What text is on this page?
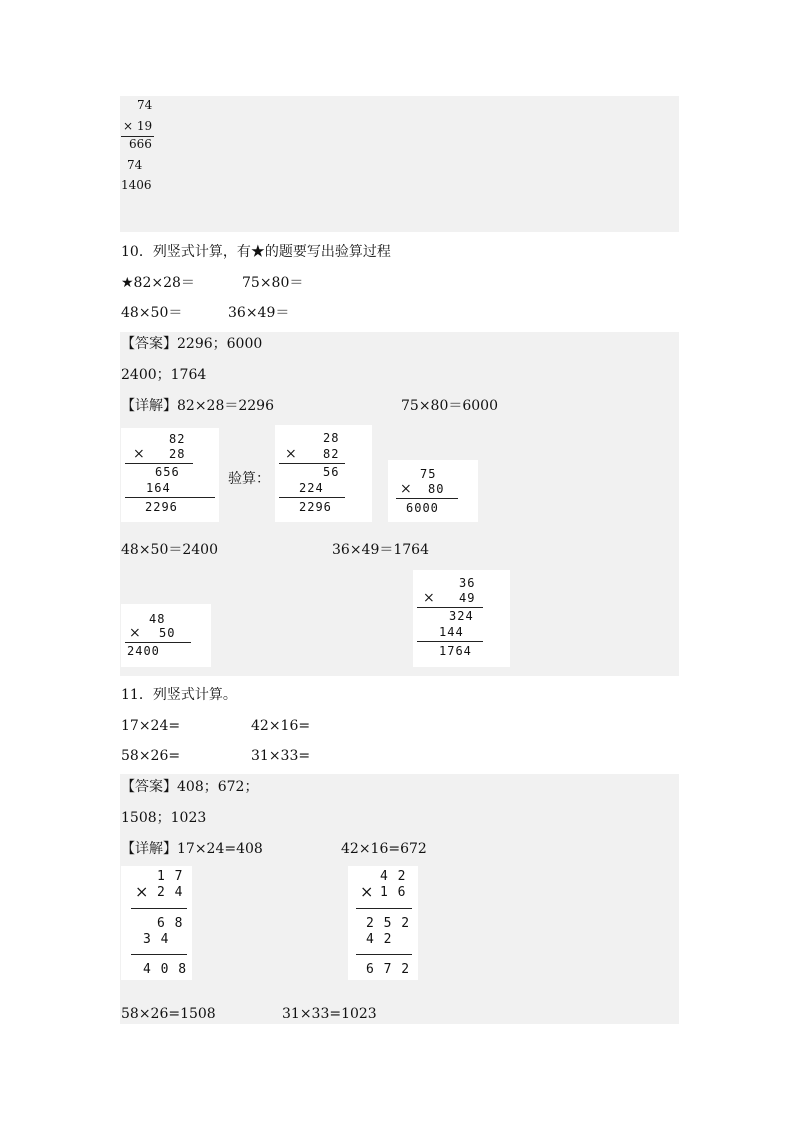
74
× 19
666
74
1406
10．列竖式计算，有★的题要写出验算过程
★82×28＝	75×80＝
48×50＝	36×49＝
【答案】2296；6000
2400；1764
【详解】82×28＝2296	75×80＝6000
82
× 28
656
164
2296
验算：
28
× 82
56
224
2296
75
× 80
6000
48×50＝2400	36×49＝1764
36
× 49
324
144
1764
48
× 50
2400
11．列竖式计算。
17×24=	42×16=
58×26=	31×33=
【答案】408；672；
1508；1023
【详解】17×24=408	42×16=672
1 7
× 2 4
6 8
3 4
4 0 8
4 2
× 1 6
2 5 2
4 2
6 7 2
58×26=1508	31×33=1023
